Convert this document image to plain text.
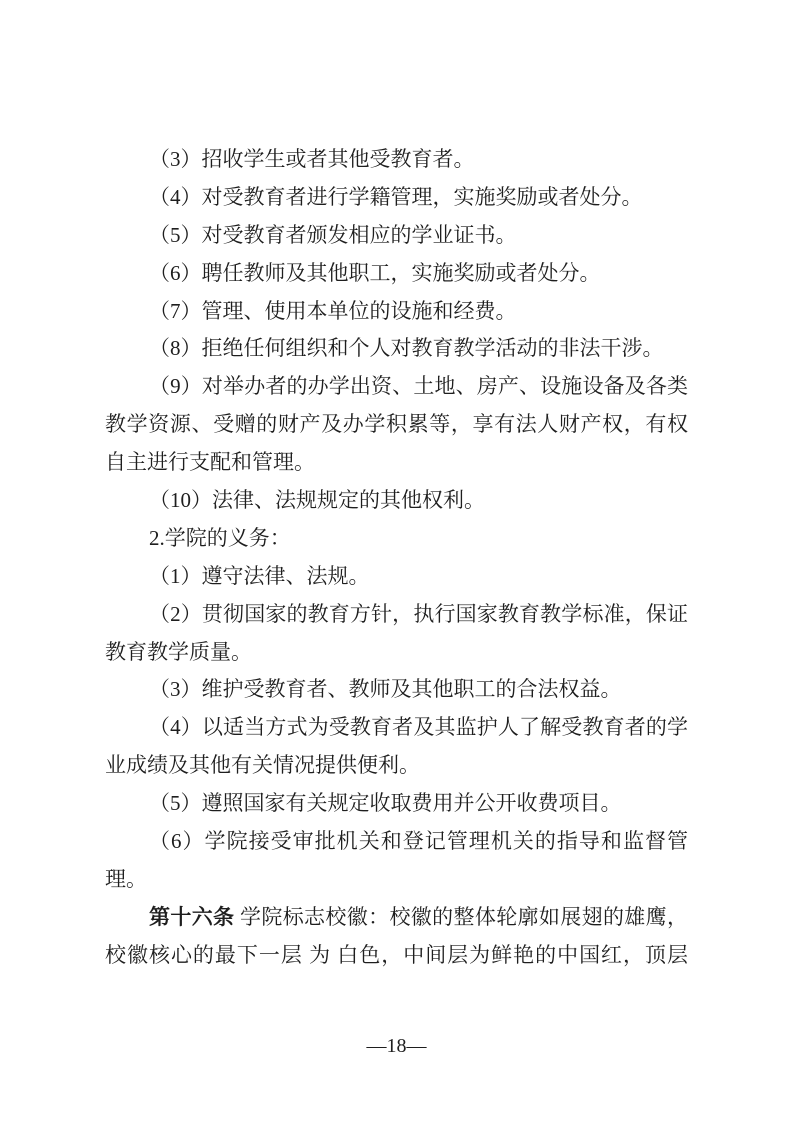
（3）招收学生或者其他受教育者。
（4）对受教育者进行学籍管理，实施奖励或者处分。
（5）对受教育者颁发相应的学业证书。
（6）聘任教师及其他职工，实施奖励或者处分。
（7）管理、使用本单位的设施和经费。
（8）拒绝任何组织和个人对教育教学活动的非法干涉。
（9）对举办者的办学出资、土地、房产、设施设备及各类
教学资源、受赠的财产及办学积累等，享有法人财产权，有权
自主进行支配和管理。
（10）法律、法规规定的其他权利。
2.学院的义务：
（1）遵守法律、法规。
（2）贯彻国家的教育方针，执行国家教育教学标准，保证
教育教学质量。
（3）维护受教育者、教师及其他职工的合法权益。
（4）以适当方式为受教育者及其监护人了解受教育者的学
业成绩及其他有关情况提供便利。
（5）遵照国家有关规定收取费用并公开收费项目。
（6）学院接受审批机关和登记管理机关的指导和监督管
理。
第十六条 学院标志校徽：校徽的整体轮廓如展翅的雄鹰，
校徽核心的最下一层 为 白色，中间层为鲜艳的中国红，顶层
—18—
